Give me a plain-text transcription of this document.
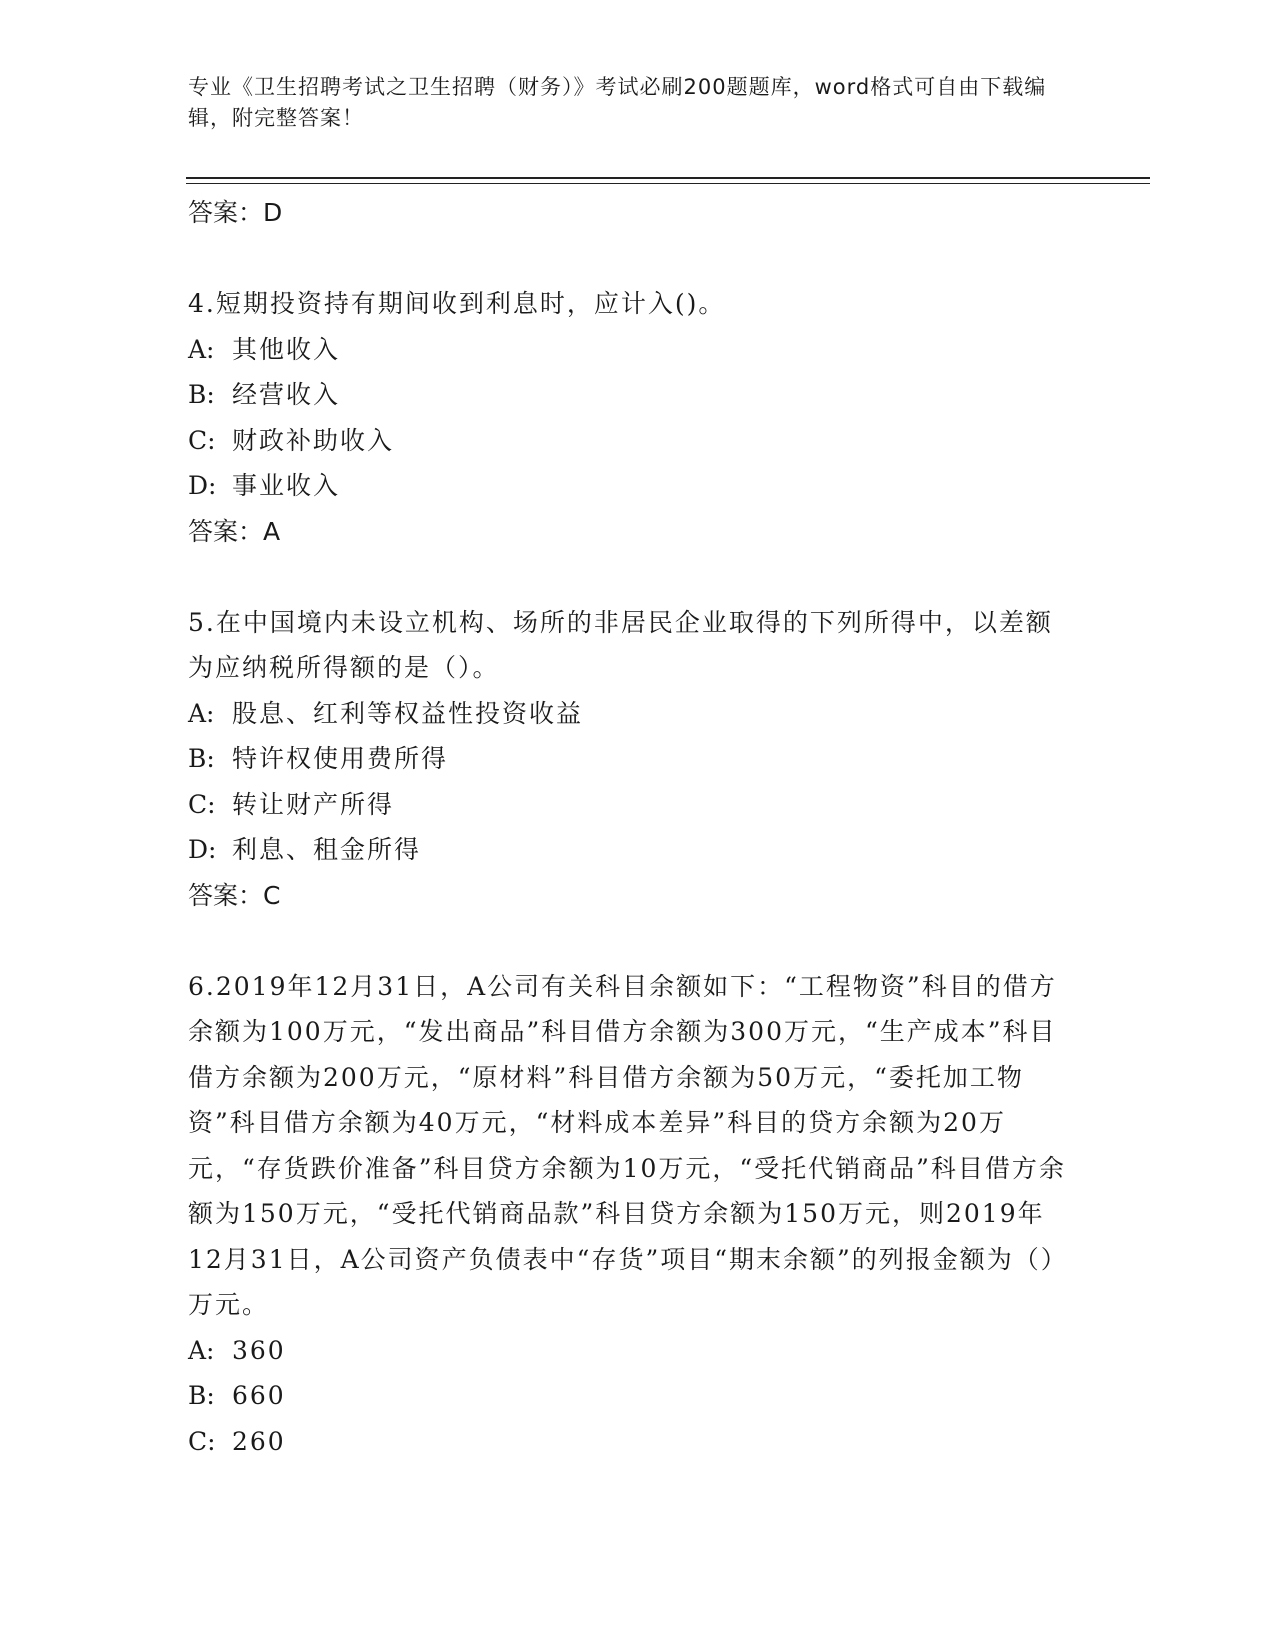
专业《卫生招聘考试之卫生招聘（财务）》考试必刷200题题库，word格式可自由下载编辑，附完整答案！

答案：D

4.短期投资持有期间收到利息时，应计入()。

A: 其他收入

B: 经营收入

C: 财政补助收入

D: 事业收入

答案：A

5.在中国境内未设立机构、场所的非居民企业取得的下列所得中，以差额为应纳税所得额的是（）。

A: 股息、红利等权益性投资收益

B: 特许权使用费所得

C: 转让财产所得

D: 利息、租金所得

答案：C

6.2019年12月31日，A公司有关科目余额如下：“工程物资”科目的借方余额为100万元，“发出商品”科目借方余额为300万元，“生产成本”科目借方余额为200万元，“原材料”科目借方余额为50万元，“委托加工物资”科目借方余额为40万元，“材料成本差异”科目的贷方余额为20万元，“存货跌价准备”科目贷方余额为10万元，“受托代销商品”科目借方余额为150万元，“受托代销商品款”科目贷方余额为150万元，则2019年12月31日，A公司资产负债表中“存货”项目“期末余额”的列报金额为（）万元。

A: 360

B: 660

C: 260
